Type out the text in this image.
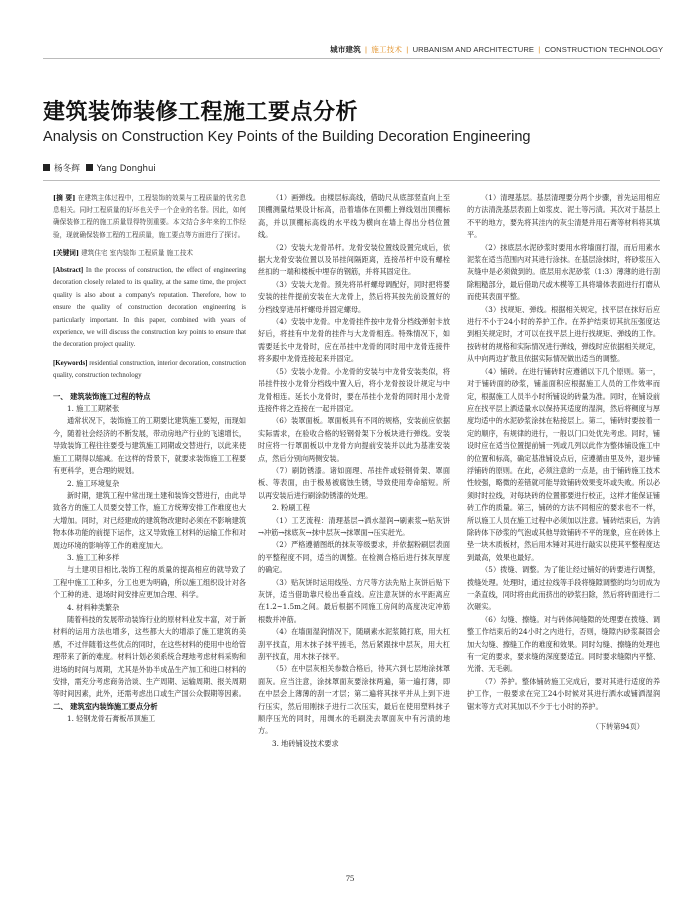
城市建筑 | 施工技术 | URBANISM AND ARCHITECTURE | CONSTRUCTION TECHNOLOGY
建筑装饰装修工程施工要点分析
Analysis on Construction Key Points of the Building Decoration Engineering
杨冬辉 Yang Donghui
[摘 要] 在建筑主体过程中，工程装饰的效果与工程质量的优劣息息相关。同时工程质量的好坏也关乎一个企业的名誉。因此，如何确保装修工程的施工质量显得特别重要。本文结合多年来的工作经验，现就确保装修工程的工程质量，施工要点等方面进行了探讨。
[关键词] 建筑住宅 室内装饰 工程质量 施工技术
[Abstract] In the process of construction, the effect of engineering decoration closely related to its quality, at the same time, the project quality is also about a company's reputation. Therefore, how to ensure the quality of construction decoration engineering is particularly important. In this paper, combined with years of experience, we will discuss the construction key points to ensure that the decoration project quality.
[Keywords] residential construction, interior decoration, construction quality, construction technology
一、 建筑装饰施工过程的特点
1. 施工工期紧张

通常状况下，装饰施工的工期要比建筑施工要短，而现如今，随着社会经济的不断发展，带动房地产行业的飞速增长，导致装饰工程往往要受与建筑施工同期或交替进行，以此来使施工工期得以缩减。在这样的背景下，就要求装饰施工工程要有更科学，更合理的规划。

2. 施工环境复杂

新时期，建筑工程中常出现土建和装饰交替进行，由此导致各方的施工人员要交替工作，施工方统筹安排工作难度也大大增加。同时，对已经建成的建筑物改建时必须在不影响建筑物本体功能的前提下运作，这又导致施工材料的运输工作和对周边环境的影响等工作的难度加大。

3. 施工工种多样

与土建项目相比,装饰工程的质量的提高相应的就导致了工程中施工工种多，分工也更为明确，所以施工组织设计对各个工种的进、退场时间安排应更加合理、科学。

4. 材料种类繁杂

随着科技的发展带动装饰行业的原材料业发丰富，对于新材料的运用方法也增多，这些都大大的增添了施工建筑的美感，不过伴随着这些优点的同时，在这些材料的使用中也给管理带来了新的难度。材料计划必须系统合理地考虑材料采购和进场的时间与周期，尤其是外协半成品生产加工和进口材料的安排，需充分考虑商务洽谈、生产周期、运输周期、报关周期等时间因素，此外，还需考虑出口或生产国公众假期等因素。

二、 建筑室内装饰施工要点分析
1. 轻钢龙骨石膏板吊顶施工

（1）画弹线。由楼层标高线，借助尺从底部竖直向上至顶棚测量结果设计标高，沿着墙体在顶棚上弹线划出顶棚标高，并以顶棚标高线的水平线为横向在墙上得出分档位置线。

（2）安装大龙骨吊杆。龙骨安装位置线设置完成后，依据大龙骨安装位置以及吊挂间隔距离，连接吊杆中设有螺栓丝扣的一端和楼板中埋存的钢筋，并将其固定住。

（3）安装大龙骨。预先将吊杆螺母调配好，同时把将要安装的挂件提前安装在大龙骨上，然后将其按先前设置好的分档线穿进吊杆螺母并固定螺母。

（4）安装中龙骨。中龙骨挂件按中龙骨分档线弹射卡放好后，将挂有中龙骨的挂件与大龙骨相连。特殊情况下，如需要延长中龙骨时，应在吊挂中龙骨的同时用中龙骨连接件将多跟中龙骨连接起来并固定。

（5）安装小龙骨。小龙骨的安装与中龙骨安装类似，将吊挂件按小龙骨分档线中置入后，将小龙骨按设计规定与中龙骨相连。延长小龙骨时，要在吊挂小龙骨的同时用小龙骨连接件将之连接在一起并固定。

（6）装罩面板。罩面板具有不同的规格，安装前应依据实际需求，在验收合格的轻钢骨架下分板块进行弹线。安装时应将一行罩面板以中龙骨方向提前安装并以此为基准安装点，然后分别向两侧安装。

（7）刷防锈漆。诸如面理、吊挂件或轻钢骨架、罩面板、等表面，由于极易被腐蚀生锈，导致使用寿命缩短。所以再安装后进行刷涂防锈漆的处理。

2. 粉刷工程

（1）工艺流程：清理基层→洒水湿润→刷素浆→贴灰饼→冲筋→抹底灰→抹中层灰→抹罩面→压实赶光。

（2）严格遵循图纸的抹灰等级要求，并依据粉刷层表面的平整程度不同，适当的调整。在检测合格后进行抹灰厚度的确定。

（3）贴灰饼时运用线坠、方尺等方法先贴上灰饼后贴下灰饼，适当借助靠尺检出垂直线。应注意灰饼的水平距离应在1.2~1.5m之间。最后根据不同施工房间的高度决定冲筋根数并冲筋。

（4）在墙面湿润情况下，随刷素水泥浆随打底，用大杠刮平找直，用木抹子抹平搓毛，然后紧跟抹中层灰，用大杠刮平找直，用木抹子抹平。

（5）在中层灰相关参数合格后，待其六到七层地涂抹罩面灰。应当注意，涂抹罩面灰要涂抹两遍，第一遍打薄，即在中层会上薄薄的刮一才层；第二遍将其抹平并从上到下进行压实，然后用刚抹子进行二次压实，最后在使用塑料抹子顺序压光的同时，用绸水的毛刷洗去罩面灰中有污渍的地方。

3. 地砖铺设技术要求

（1）清理基层。基层清理要分两个步骤，首先运用相应的方法清洗基层表面上如浆皮、泥土等污渍。其次对于基层上不平的地方，要先将其洼内的灰尘清楚并用石膏等材料将其填平。

（2）抹底层水泥砂浆时要用水将墙面打湿，而后用素水泥浆在适当范围内对其进行涂抹。在基层涂抹时，将砂浆压入灰缝中是必须做到的。底层用水泥砂浆（1:3）薄薄的进行刮除粗糙部分，最后借助尺或木模等工具将墙体表面进行打磨从而使其表面平整。

（3）找规矩、弹线。根据相关规定，找平层在抹好后应进行不小于24小时的养护工作。在养护结束切其抗压强度达到相关规定时，才可以在找平层上进行找规矩、弹线的工作。按砖材的规格和实际情况进行弹线，弹线时应依据相关规定，从中向两边扩散且依据实际情况做出适当的调整。

（4）铺砖。在进行铺砖时应遵循以下几个原则。第一，对于铺砖面的砂浆，铺盖面积应根据施工人员的工作效率而定，根据施工人员半小时所铺设的砖量为准。同时，在铺设前应在找平层上洒适量水以保持其适度的湿润，然后将稠度与厚度均适中的水泥砂浆涂抹在粘接层上。第二，铺砖时要按着一定的顺序，有规律的进行，一般以门口处优先考虑。同时，铺设时应在适当位置提前铺一列或几列以此作为整体铺设施工中的位置和标高，确定基准铺设点后，应遵循由里及外，退步铺浮铺砖的原则。在此，必须注意的一点是，由于铺砖施工技术性较强，略微的差错就可能导致铺砖效果变坏或失败。所以必须时时拉线，对每块砖的位置都要进行校正，这样才能保证铺砖工作的质量。第三，铺砖的方法不同相应的要求也不一样，所以施工人员在施工过程中必须加以注意。铺砖结束后，为消除砖体下砂浆的气泡或其他导致铺砖不平的现象，应在砖体上垫一块木质板材，然后用木锤对其进行敲实以使其平整程度达到最高，效果也最好。

（5）拨缝、调整。为了能让经过铺好的砖要进行调整，拨缝处理。处理时，通过拉线等手段将缝隙调整的均匀切成为一条直线，同时将由此而挤出的砂浆扫除，然后将砖面进行二次砸实。

（6）勾缝、擦缝。对与砖体间缝隙的处理要在拨缝、调整工作结束后的24小时之内进行，否则，缝隙内砂浆凝固会加大勾缝、擦缝工作的难度和效果。同时勾缝、擦缝的处理也有一定的要求，要求缝的深度要适宜。同时要求缝隙内平整、光滑、无毛刺。

（7）养护。整体铺砖施工完成后，要对其进行适度的养护工作，一般要求在完工24小时候对其进行洒水或铺洒湿润锯末等方式对其加以不少于七小时的养护。

（下转第94页）
75
